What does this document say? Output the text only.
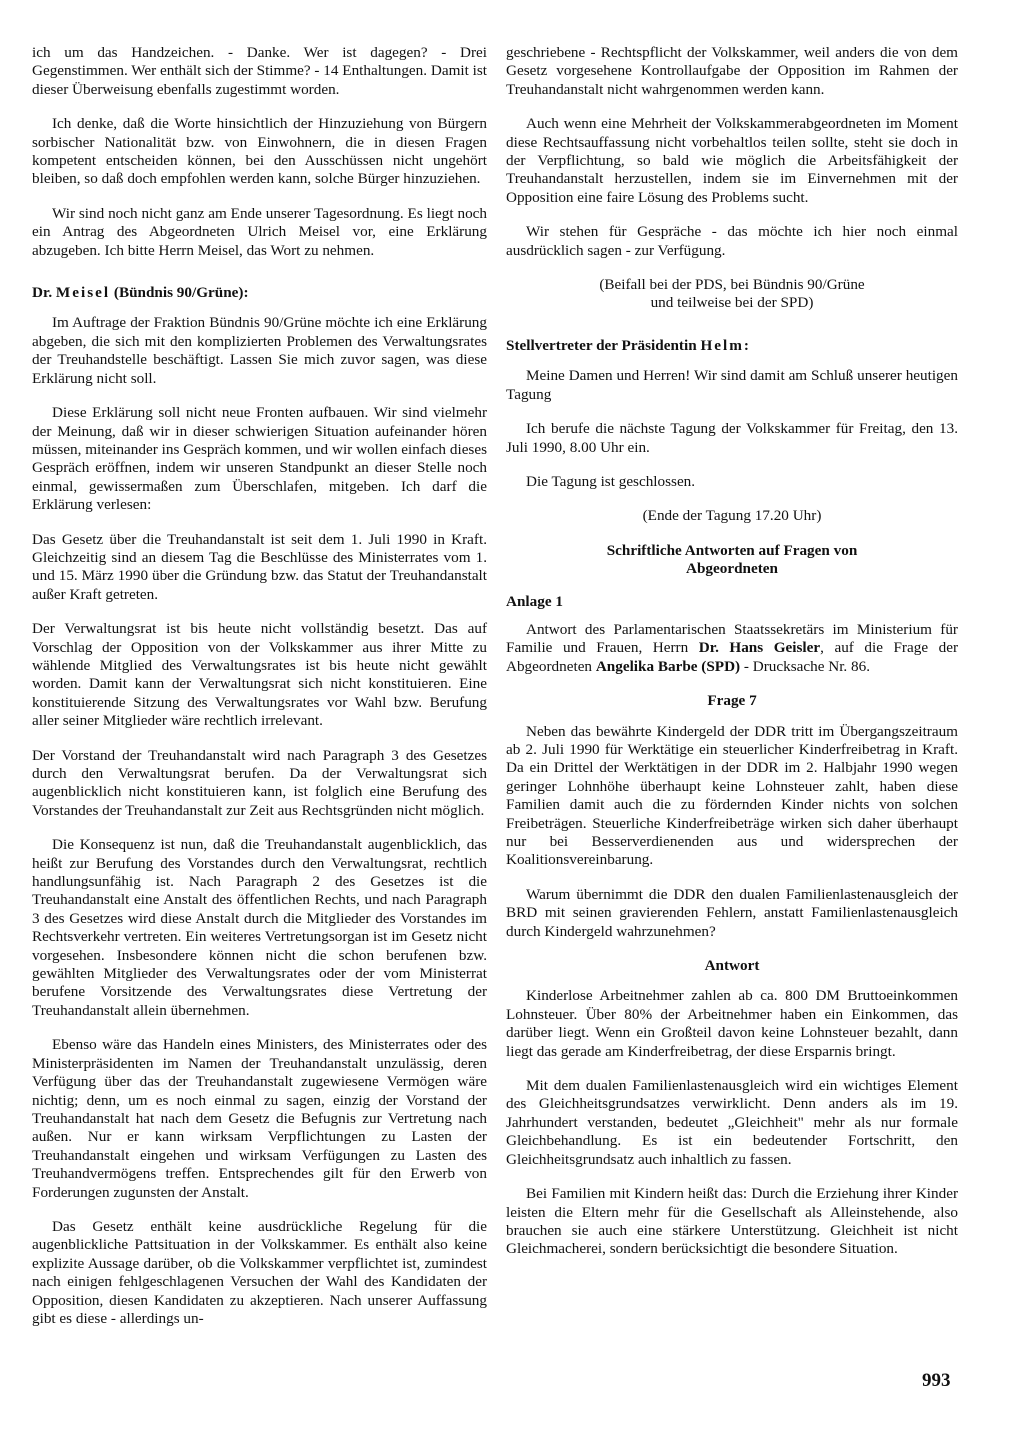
ich um das Handzeichen. - Danke. Wer ist dagegen? - Drei Gegenstimmen. Wer enthält sich der Stimme? - 14 Enthaltungen. Damit ist dieser Überweisung ebenfalls zugestimmt worden.

Ich denke, daß die Worte hinsichtlich der Hinzuziehung von Bürgern sorbischer Nationalität bzw. von Einwohnern, die in diesen Fragen kompetent entscheiden können, bei den Ausschüssen nicht ungehört bleiben, so daß doch empfohlen werden kann, solche Bürger hinzuziehen.

Wir sind noch nicht ganz am Ende unserer Tagesordnung. Es liegt noch ein Antrag des Abgeordneten Ulrich Meisel vor, eine Erklärung abzugeben. Ich bitte Herrn Meisel, das Wort zu nehmen.

Dr. Meisel (Bündnis 90/Grüne):

Im Auftrage der Fraktion Bündnis 90/Grüne möchte ich eine Erklärung abgeben, die sich mit den komplizierten Problemen des Verwaltungsrates der Treuhandstelle beschäftigt. Lassen Sie mich zuvor sagen, was diese Erklärung nicht soll.

Diese Erklärung soll nicht neue Fronten aufbauen. Wir sind vielmehr der Meinung, daß wir in dieser schwierigen Situation aufeinander hören müssen, miteinander ins Gespräch kommen, und wir wollen einfach dieses Gespräch eröffnen, indem wir unseren Standpunkt an dieser Stelle noch einmal, gewissermaßen zum Überschlafen, mitgeben. Ich darf die Erklärung verlesen:

Das Gesetz über die Treuhandanstalt ist seit dem 1. Juli 1990 in Kraft. Gleichzeitig sind an diesem Tag die Beschlüsse des Ministerrates vom 1. und 15. März 1990 über die Gründung bzw. das Statut der Treuhandanstalt außer Kraft getreten.

Der Verwaltungsrat ist bis heute nicht vollständig besetzt. Das auf Vorschlag der Opposition von der Volkskammer aus ihrer Mitte zu wählende Mitglied des Verwaltungsrates ist bis heute nicht gewählt worden. Damit kann der Verwaltungsrat sich nicht konstituieren. Eine konstituierende Sitzung des Verwaltungsrates vor Wahl bzw. Berufung aller seiner Mitglieder wäre rechtlich irrelevant.

Der Vorstand der Treuhandanstalt wird nach Paragraph 3 des Gesetzes durch den Verwaltungsrat berufen. Da der Verwaltungsrat sich augenblicklich nicht konstituieren kann, ist folglich eine Berufung des Vorstandes der Treuhandanstalt zur Zeit aus Rechtsgründen nicht möglich.

Die Konsequenz ist nun, daß die Treuhandanstalt augenblicklich, das heißt zur Berufung des Vorstandes durch den Verwaltungsrat, rechtlich handlungsunfähig ist. Nach Paragraph 2 des Gesetzes ist die Treuhandanstalt eine Anstalt des öffentlichen Rechts, und nach Paragraph 3 des Gesetzes wird diese Anstalt durch die Mitglieder des Vorstandes im Rechtsverkehr vertreten. Ein weiteres Vertretungsorgan ist im Gesetz nicht vorgesehen. Insbesondere können nicht die schon berufenen bzw. gewählten Mitglieder des Verwaltungsrates oder der vom Ministerrat berufene Vorsitzende des Verwaltungsrates diese Vertretung der Treuhandanstalt allein übernehmen.

Ebenso wäre das Handeln eines Ministers, des Ministerrates oder des Ministerpräsidenten im Namen der Treuhandanstalt unzulässig, deren Verfügung über das der Treuhandanstalt zugewiesene Vermögen wäre nichtig; denn, um es noch einmal zu sagen, einzig der Vorstand der Treuhandanstalt hat nach dem Gesetz die Befugnis zur Vertretung nach außen. Nur er kann wirksam Verpflichtungen zu Lasten der Treuhandanstalt eingehen und wirksam Verfügungen zu Lasten des Treuhandvermögens treffen. Entsprechendes gilt für den Erwerb von Forderungen zugunsten der Anstalt.

Das Gesetz enthält keine ausdrückliche Regelung für die augenblickliche Pattsituation in der Volkskammer. Es enthält also keine explizite Aussage darüber, ob die Volkskammer verpflichtet ist, zumindest nach einigen fehlgeschlagenen Versuchen der Wahl des Kandidaten der Opposition, diesen Kandidaten zu akzeptieren. Nach unserer Auffassung gibt es diese - allerdings un-

geschriebene - Rechtspflicht der Volkskammer, weil anders die von dem Gesetz vorgesehene Kontrollaufgabe der Opposition im Rahmen der Treuhandanstalt nicht wahrgenommen werden kann.

Auch wenn eine Mehrheit der Volkskammerabgeordneten im Moment diese Rechtsauffassung nicht vorbehaltlos teilen sollte, steht sie doch in der Verpflichtung, so bald wie möglich die Arbeitsfähigkeit der Treuhandanstalt herzustellen, indem sie im Einvernehmen mit der Opposition eine faire Lösung des Problems sucht.

Wir stehen für Gespräche - das möchte ich hier noch einmal ausdrücklich sagen - zur Verfügung.

(Beifall bei der PDS, bei Bündnis 90/Grüne
und teilweise bei der SPD)

Stellvertreter der Präsidentin Helm:

Meine Damen und Herren! Wir sind damit am Schluß unserer heutigen Tagung

Ich berufe die nächste Tagung der Volkskammer für Freitag, den 13. Juli 1990, 8.00 Uhr ein.

Die Tagung ist geschlossen.

(Ende der Tagung 17.20 Uhr)

Schriftliche Antworten auf Fragen von
Abgeordneten
Anlage 1

Antwort des Parlamentarischen Staatssekretärs im Ministerium für Familie und Frauen, Herrn Dr. Hans Geisler, auf die Frage der Abgeordneten Angelika Barbe (SPD) - Drucksache Nr. 86.

Frage 7

Neben das bewährte Kindergeld der DDR tritt im Übergangszeitraum ab 2. Juli 1990 für Werktätige ein steuerlicher Kinderfreibetrag in Kraft. Da ein Drittel der Werktätigen in der DDR im 2. Halbjahr 1990 wegen geringer Lohnhöhe überhaupt keine Lohnsteuer zahlt, haben diese Familien damit auch die zu fördernden Kinder nichts von solchen Freibeträgen. Steuerliche Kinderfreibeträge wirken sich daher überhaupt nur bei Besserverdienenden aus und widersprechen der Koalitionsvereinbarung.

Warum übernimmt die DDR den dualen Familienlastenausgleich der BRD mit seinen gravierenden Fehlern, anstatt Familienlastenausgleich durch Kindergeld wahrzunehmen?

Antwort

Kinderlose Arbeitnehmer zahlen ab ca. 800 DM Bruttoeinkommen Lohnsteuer. Über 80% der Arbeitnehmer haben ein Einkommen, das darüber liegt. Wenn ein Großteil davon keine Lohnsteuer bezahlt, dann liegt das gerade am Kinderfreibetrag, der diese Ersparnis bringt.

Mit dem dualen Familienlastenausgleich wird ein wichtiges Element des Gleichheitsgrundsatzes verwirklicht. Denn anders als im 19. Jahrhundert verstanden, bedeutet „Gleichheit" mehr als nur formale Gleichbehandlung. Es ist ein bedeutender Fortschritt, den Gleichheitsgrundsatz auch inhaltlich zu fassen.

Bei Familien mit Kindern heißt das: Durch die Erziehung ihrer Kinder leisten die Eltern mehr für die Gesellschaft als Alleinstehende, also brauchen sie auch eine stärkere Unterstützung. Gleichheit ist nicht Gleichmacherei, sondern berücksichtigt die besondere Situation.

993
